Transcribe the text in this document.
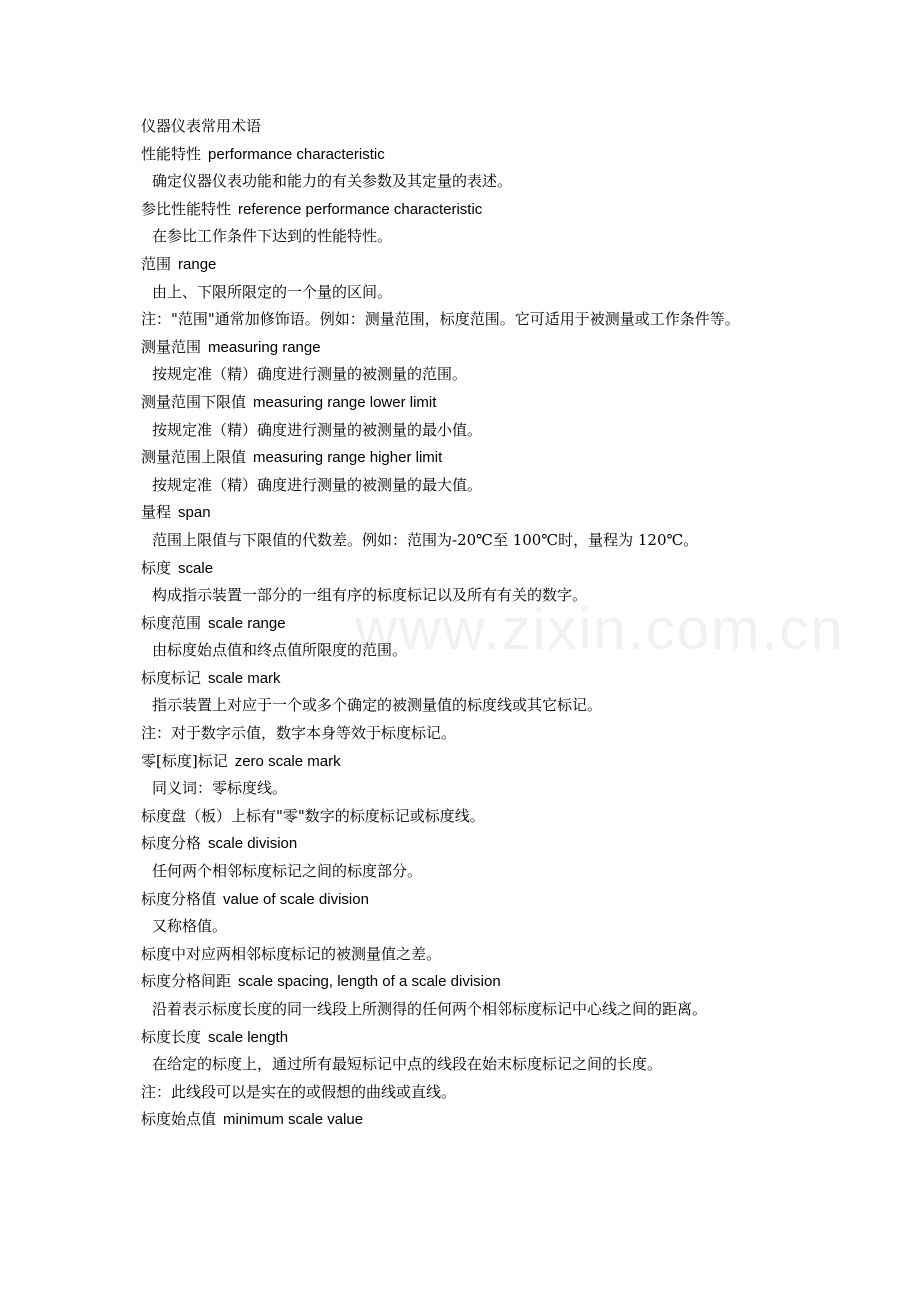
www.zixin.com.cn
仪器仪表常用术语
性能特性 performance characteristic
确定仪器仪表功能和能力的有关参数及其定量的表述。
参比性能特性 reference performance characteristic
在参比工作条件下达到的性能特性。
范围 range
由上、下限所限定的一个量的区间。
注："范围"通常加修饰语。例如：测量范围，标度范围。它可适用于被测量或工作条件等。
测量范围 measuring range
按规定准（精）确度进行测量的被测量的范围。
测量范围下限值 measuring range lower limit
按规定准（精）确度进行测量的被测量的最小值。
测量范围上限值 measuring range higher limit
按规定准（精）确度进行测量的被测量的最大值。
量程 span
范围上限值与下限值的代数差。例如：范围为-20℃至 100℃时，量程为 120℃。
标度 scale
构成指示装置一部分的一组有序的标度标记以及所有有关的数字。
标度范围 scale range
由标度始点值和终点值所限度的范围。
标度标记 scale mark
指示装置上对应于一个或多个确定的被测量值的标度线或其它标记。
注：对于数字示值，数字本身等效于标度标记。
零[标度]标记 zero scale mark
同义词：零标度线。
标度盘（板）上标有"零"数字的标度标记或标度线。
标度分格 scale division
任何两个相邻标度标记之间的标度部分。
标度分格值 value of scale division
又称格值。
标度中对应两相邻标度标记的被测量值之差。
标度分格间距 scale spacing, length of a scale division
沿着表示标度长度的同一线段上所测得的任何两个相邻标度标记中心线之间的距离。
标度长度 scale length
在给定的标度上，通过所有最短标记中点的线段在始末标度标记之间的长度。
注：此线段可以是实在的或假想的曲线或直线。
标度始点值 minimum scale value
